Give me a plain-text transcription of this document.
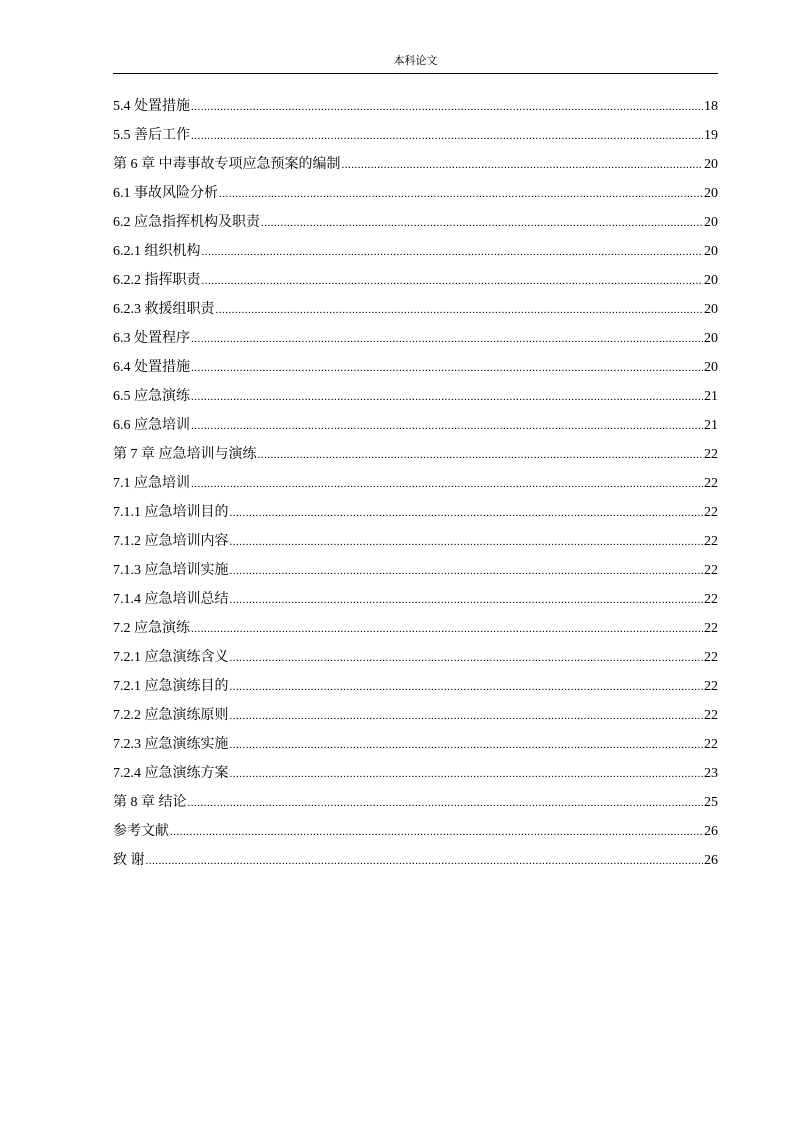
本科论文
5.4 处置措施 .....	18
5.5 善后工作 .....	19
第 6 章 中毒事故专项应急预案的编制 .....	20
6.1 事故风险分析 .....	20
6.2 应急指挥机构及职责 .....	20
6.2.1 组织机构 .....	20
6.2.2 指挥职责 .....	20
6.2.3 救援组职责 .....	20
6.3 处置程序 .....	20
6.4 处置措施 .....	20
6.5 应急演练 .....	21
6.6 应急培训 .....	21
第 7 章 应急培训与演练 .....	22
7.1 应急培训 .....	22
7.1.1 应急培训目的 .....	22
7.1.2 应急培训内容 .....	22
7.1.3 应急培训实施 .....	22
7.1.4 应急培训总结 .....	22
7.2 应急演练 .....	22
7.2.1 应急演练含义 .....	22
7.2.1 应急演练目的 .....	22
7.2.2 应急演练原则 .....	22
7.2.3 应急演练实施 .....	22
7.2.4 应急演练方案 .....	23
第 8 章 结论 .....	25
参考文献 .....	26
致 谢 .....	26
